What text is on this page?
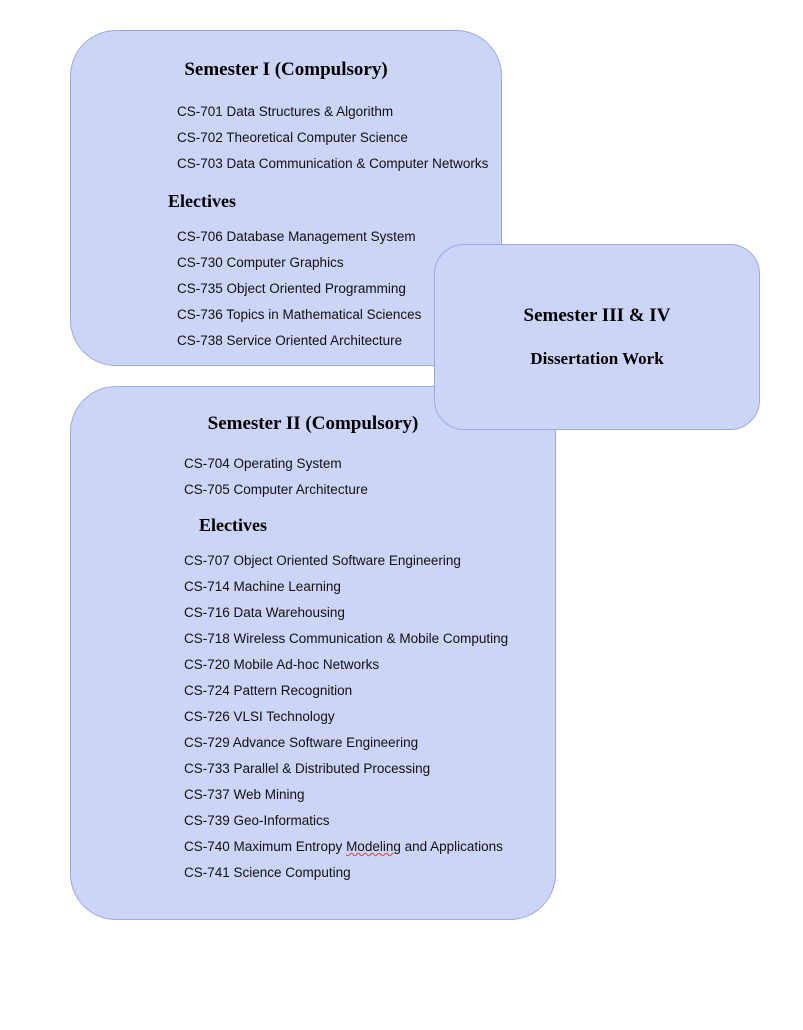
Semester I (Compulsory)
CS-701 Data Structures & Algorithm
CS-702 Theoretical Computer Science
CS-703 Data Communication & Computer Networks
Electives
CS-706 Database Management System
CS-730 Computer Graphics
CS-735 Object Oriented Programming
CS-736 Topics in Mathematical Sciences
CS-738 Service Oriented Architecture
Semester III & IV
Dissertation Work
Semester II (Compulsory)
CS-704 Operating System
CS-705 Computer Architecture
Electives
CS-707 Object Oriented Software Engineering
CS-714 Machine Learning
CS-716 Data Warehousing
CS-718 Wireless Communication & Mobile Computing
CS-720 Mobile Ad-hoc Networks
CS-724 Pattern Recognition
CS-726 VLSI Technology
CS-729 Advance Software Engineering
CS-733 Parallel & Distributed Processing
CS-737 Web Mining
CS-739 Geo-Informatics
CS-740 Maximum Entropy Modeling and Applications
CS-741 Science Computing
